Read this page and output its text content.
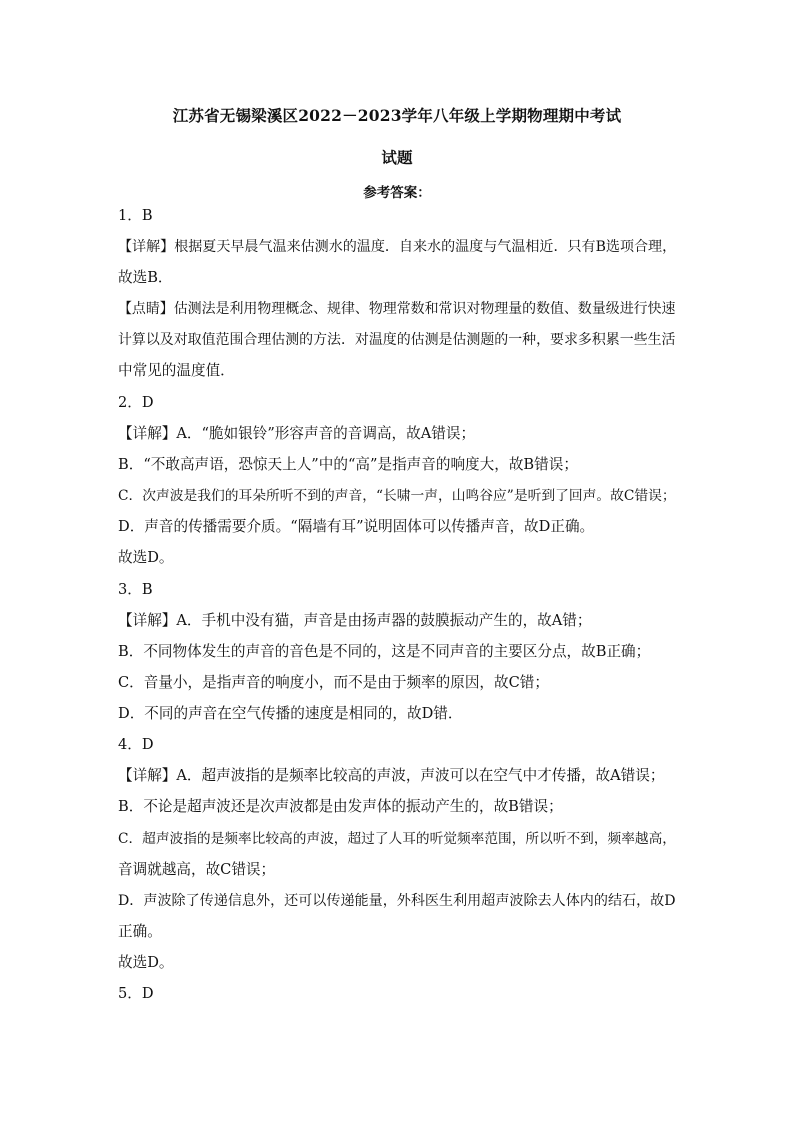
江苏省无锡梁溪区2022－2023学年八年级上学期物理期中考试
试题
参考答案：
1．B
【详解】根据夏天早晨气温来估测水的温度．自来水的温度与气温相近．只有B选项合理，
故选B．
【点睛】估测法是利用物理概念、规律、物理常数和常识对物理量的数值、数量级进行快速
计算以及对取值范围合理估测的方法．对温度的估测是估测题的一种，要求多积累一些生活
中常见的温度值．
2．D
【详解】A．“脆如银铃”形容声音的音调高，故A错误；
B．“不敢高声语，恐惊天上人”中的“高”是指声音的响度大，故B错误；
C．次声波是我们的耳朵所听不到的声音，“长啸一声，山鸣谷应”是听到了回声。故C错误；
D．声音的传播需要介质。“隔墙有耳”说明固体可以传播声音，故D正确。
故选D。
3．B
【详解】A．手机中没有猫，声音是由扬声器的鼓膜振动产生的，故A错；
B．不同物体发生的声音的音色是不同的，这是不同声音的主要区分点，故B正确；
C．音量小，是指声音的响度小，而不是由于频率的原因，故C错；
D．不同的声音在空气传播的速度是相同的，故D错．
4．D
【详解】A．超声波指的是频率比较高的声波，声波可以在空气中才传播，故A错误；
B．不论是超声波还是次声波都是由发声体的振动产生的，故B错误；
C．超声波指的是频率比较高的声波，超过了人耳的听觉频率范围，所以听不到，频率越高，
音调就越高，故C错误；
D．声波除了传递信息外，还可以传递能量，外科医生利用超声波除去人体内的结石，故D
正确。
故选D。
5．D
